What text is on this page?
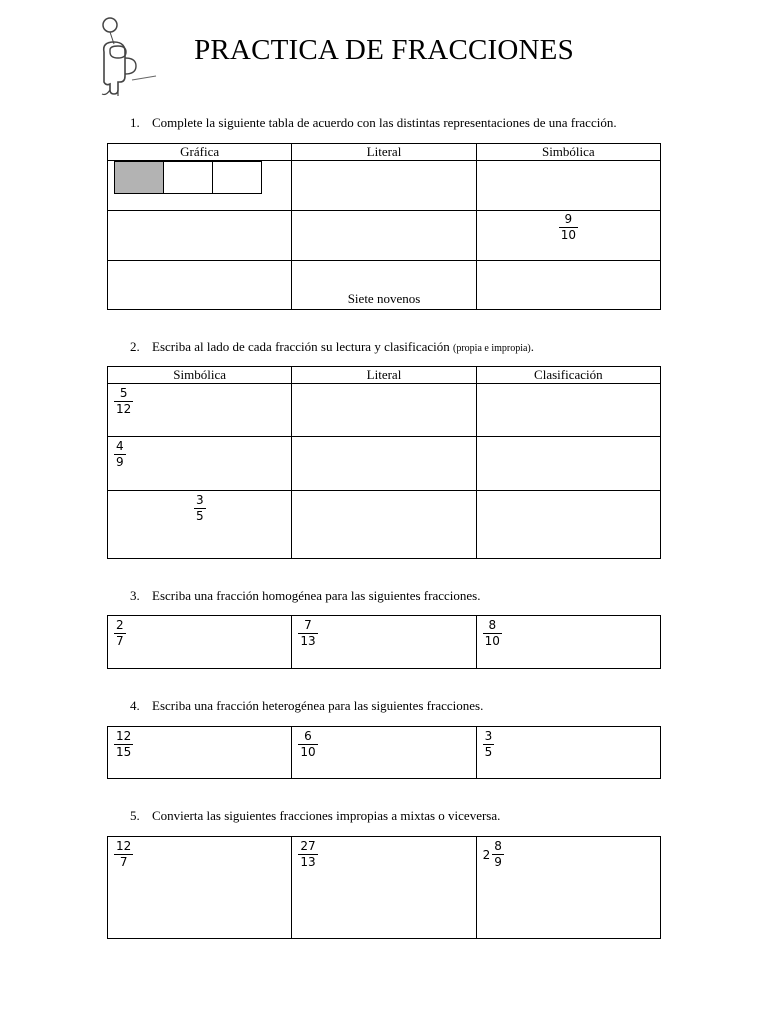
PRACTICA DE FRACCIONES
1. Complete la siguiente tabla de acuerdo con las distintas representaciones de una fracción.
Gráfica	Literal	Simbólica

		$\frac{9}{10}$

	Siete novenos	

2. Escriba al lado de cada fracción su lectura y clasificación (propia e impropia).
Simbólica	Literal	Clasificación

$\frac{5}{12}$

$\frac{4}{9}$

$\frac{3}{5}$

3. Escriba una fracción homogénea para las siguientes fracciones.
$\frac{2}{7}$	$\frac{7}{13}$	$\frac{8}{10}$
4. Escriba una fracción heterogénea para las siguientes fracciones.
$\frac{12}{15}$	$\frac{6}{10}$	$\frac{3}{5}$
5. Convierta las siguientes fracciones impropias a mixtas o viceversa.
$\frac{12}{7}$	$\frac{27}{13}$	$2 \frac{8}{9}$
